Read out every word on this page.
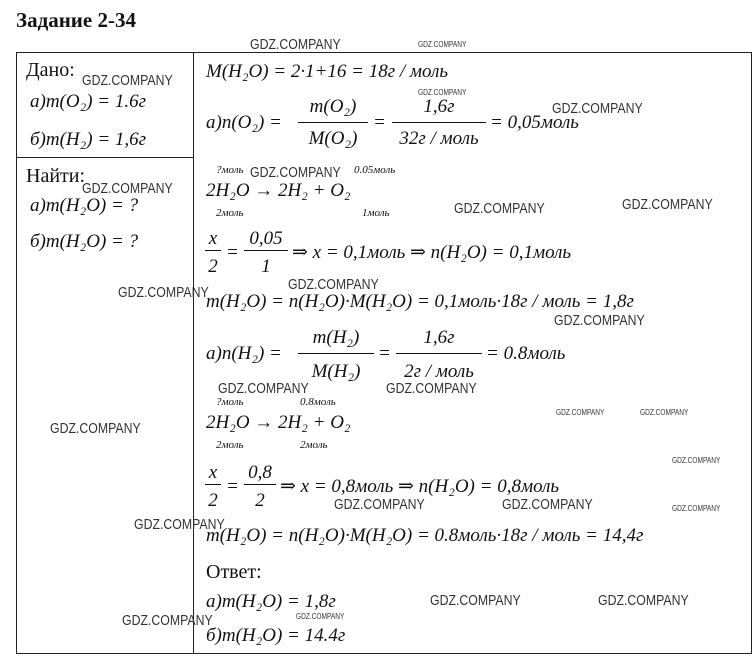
Задание 2-34
Дано:
а)m(O₂) = 1.6г
б)m(H₂) = 1,6г
Найти:
а)m(H₂O) = ?
б)m(H₂O) = ?
M(H₂O) = 2·1+16 = 18г / моль
а)n(O₂) =
m(O₂)
M(O₂)
=
1,6г
32г / моль
= 0,05моль
?моль	0.05моль
2H₂O → 2H₂ + O₂
2моль	1моль
x
2
=
0,05
1
⇒ x = 0,1моль ⇒ n(H₂O) = 0,1моль
m(H₂O) = n(H₂O)·M(H₂O) = 0,1моль·18г / моль = 1,8г
а)n(H₂) =
m(H₂)
M(H₂)
=
1,6г
2г / моль
= 0.8моль
?моль	0.8моль
2H₂O → 2H₂ + O₂
2моль	2моль
x
2
=
0,8
2
⇒ x = 0,8моль ⇒ n(H₂O) = 0,8моль
m(H₂O) = n(H₂O)·M(H₂O) = 0.8моль·18г / моль = 14,4г
Ответ:
а)m(H₂O) = 1,8г
б)m(H₂O) = 14.4г
GDZ.COMPANY	GDZ.COMPANY
GDZ.COMPANY
GDZ.COMPANY
GDZ.COMPANY
GDZ.COMPANY
GDZ.COMPANY
GDZ.COMPANY	GDZ.COMPANY
GDZ.COMPANY
GDZ.COMPANY
GDZ.COMPANY
GDZ.COMPANY	GDZ.COMPANY
GDZ.COMPANY	GDZ.COMPANY
GDZ.COMPANY
GDZ.COMPANY
GDZ.COMPANY	GDZ.COMPANY	GDZ.COMPANY
GDZ.COMPANY
GDZ.COMPANY	GDZ.COMPANY
GDZ.COMPANY	GDZ.COMPANY
